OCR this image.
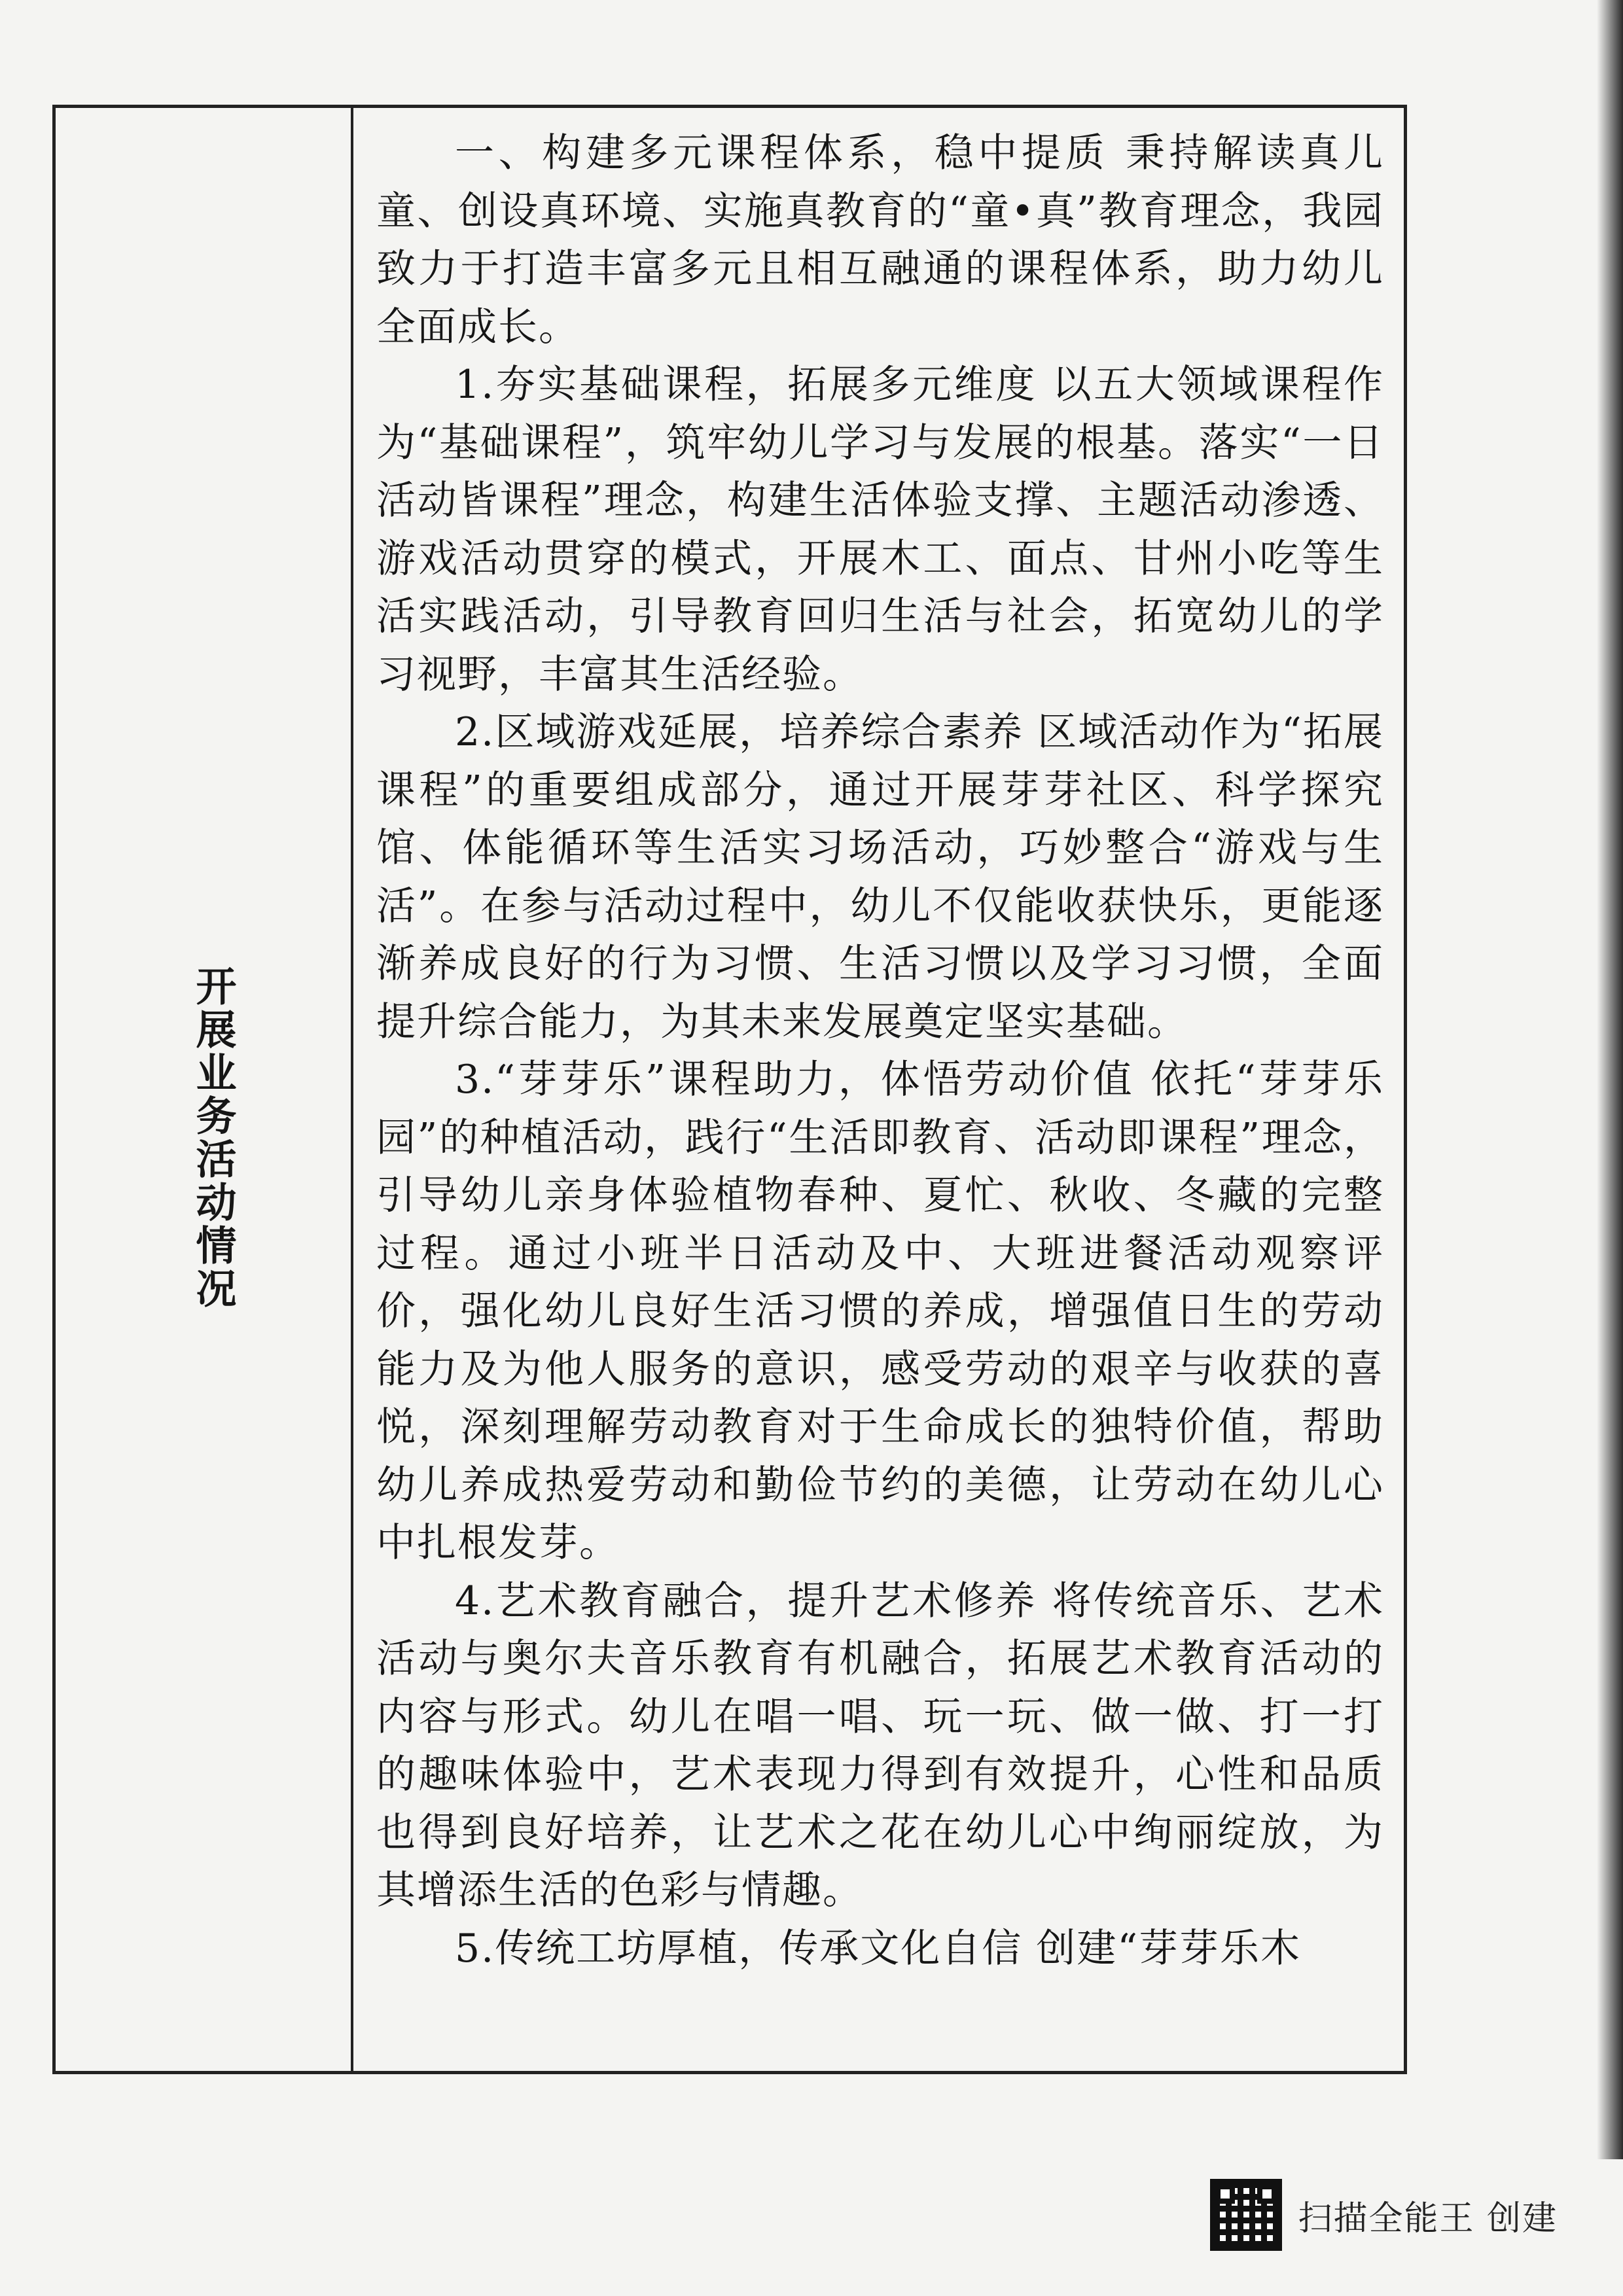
开展业务活动情况

一、构建多元课程体系，稳中提质 秉持解读真儿童、创设真环境、实施真教育的“童•真”教育理念，我园致力于打造丰富多元且相互融通的课程体系，助力幼儿全面成长。

1.夯实基础课程，拓展多元维度 以五大领域课程作为“基础课程”，筑牢幼儿学习与发展的根基。落实“一日活动皆课程”理念，构建生活体验支撑、主题活动渗透、游戏活动贯穿的模式，开展木工、面点、甘州小吃等生活实践活动，引导教育回归生活与社会，拓宽幼儿的学习视野，丰富其生活经验。

2.区域游戏延展，培养综合素养 区域活动作为“拓展课程”的重要组成部分，通过开展芽芽社区、科学探究馆、体能循环等生活实习场活动，巧妙整合“游戏与生活”。在参与活动过程中，幼儿不仅能收获快乐，更能逐渐养成良好的行为习惯、生活习惯以及学习习惯，全面提升综合能力，为其未来发展奠定坚实基础。

3.“芽芽乐”课程助力，体悟劳动价值 依托“芽芽乐园”的种植活动，践行“生活即教育、活动即课程”理念，引导幼儿亲身体验植物春种、夏忙、秋收、冬藏的完整过程。通过小班半日活动及中、大班进餐活动观察评价，强化幼儿良好生活习惯的养成，增强值日生的劳动能力及为他人服务的意识，感受劳动的艰辛与收获的喜悦，深刻理解劳动教育对于生命成长的独特价值，帮助幼儿养成热爱劳动和勤俭节约的美德，让劳动在幼儿心中扎根发芽。

4.艺术教育融合，提升艺术修养 将传统音乐、艺术活动与奥尔夫音乐教育有机融合，拓展艺术教育活动的内容与形式。幼儿在唱一唱、玩一玩、做一做、打一打的趣味体验中，艺术表现力得到有效提升，心性和品质也得到良好培养，让艺术之花在幼儿心中绚丽绽放，为其增添生活的色彩与情趣。

5.传统工坊厚植，传承文化自信 创建“芽芽乐木

扫描全能王 创建
